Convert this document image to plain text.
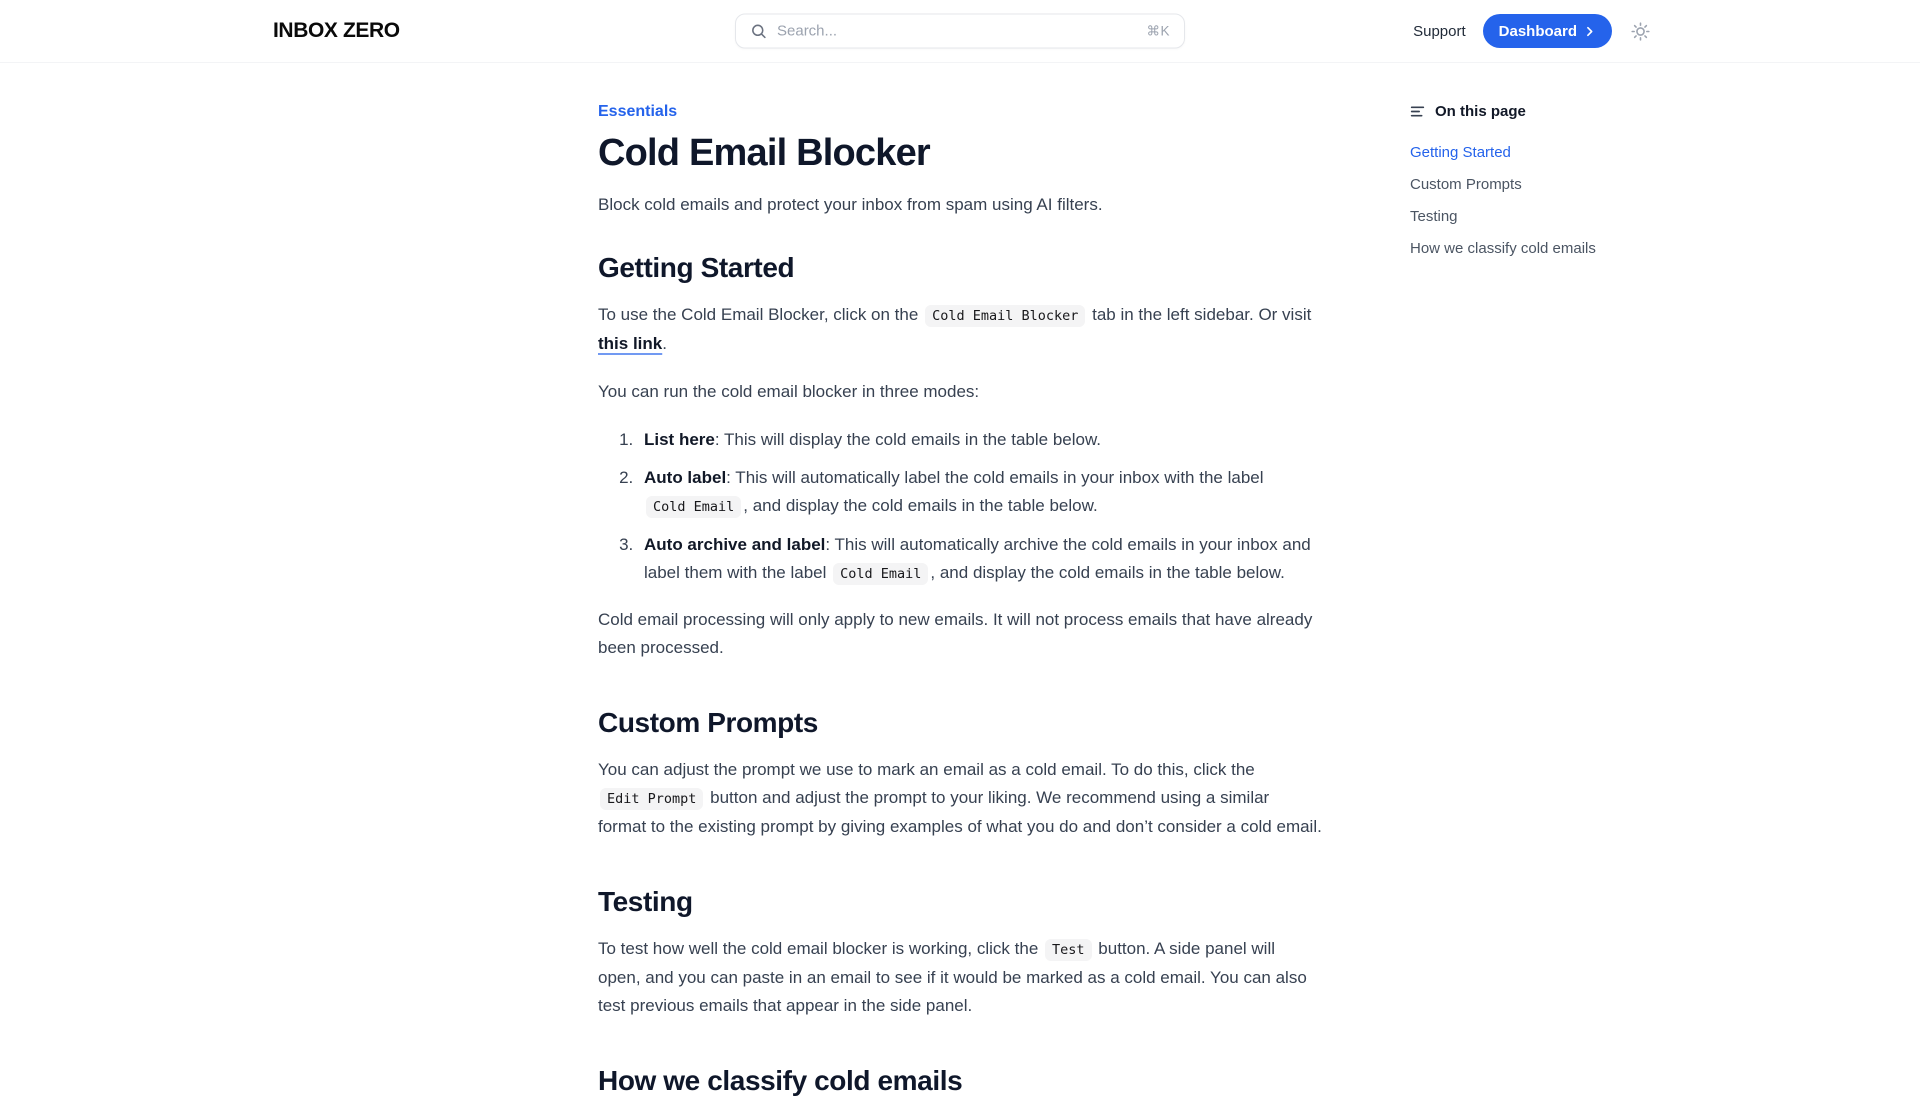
INBOX ZERO
Search...	⌘K	Support Dashboard
Essentials
Cold Email Blocker

Block cold emails and protect your inbox from spam using AI filters.

Getting Started

To use the Cold Email Blocker, click on the Cold Email Blocker tab in the left sidebar. Or visit this link.

You can run the cold email blocker in three modes:

1. List here: This will display the cold emails in the table below.
2. Auto label: This will automatically label the cold emails in your inbox with the label Cold Email , and display the cold emails in the table below.
3. Auto archive and label: This will automatically archive the cold emails in your inbox and label them with the label Cold Email , and display the cold emails in the table below.

Cold email processing will only apply to new emails. It will not process emails that have already been processed.

Custom Prompts

You can adjust the prompt we use to mark an email as a cold email. To do this, click the Edit Prompt button and adjust the prompt to your liking. We recommend using a similar format to the existing prompt by giving examples of what you do and don’t consider a cold email.

Testing

To test how well the cold email blocker is working, click the Test button. A side panel will open, and you can paste in an email to see if it would be marked as a cold email. You can also test previous emails that appear in the side panel.

How we classify cold emails
On this page
Getting Started
Custom Prompts
Testing
How we classify cold emails
